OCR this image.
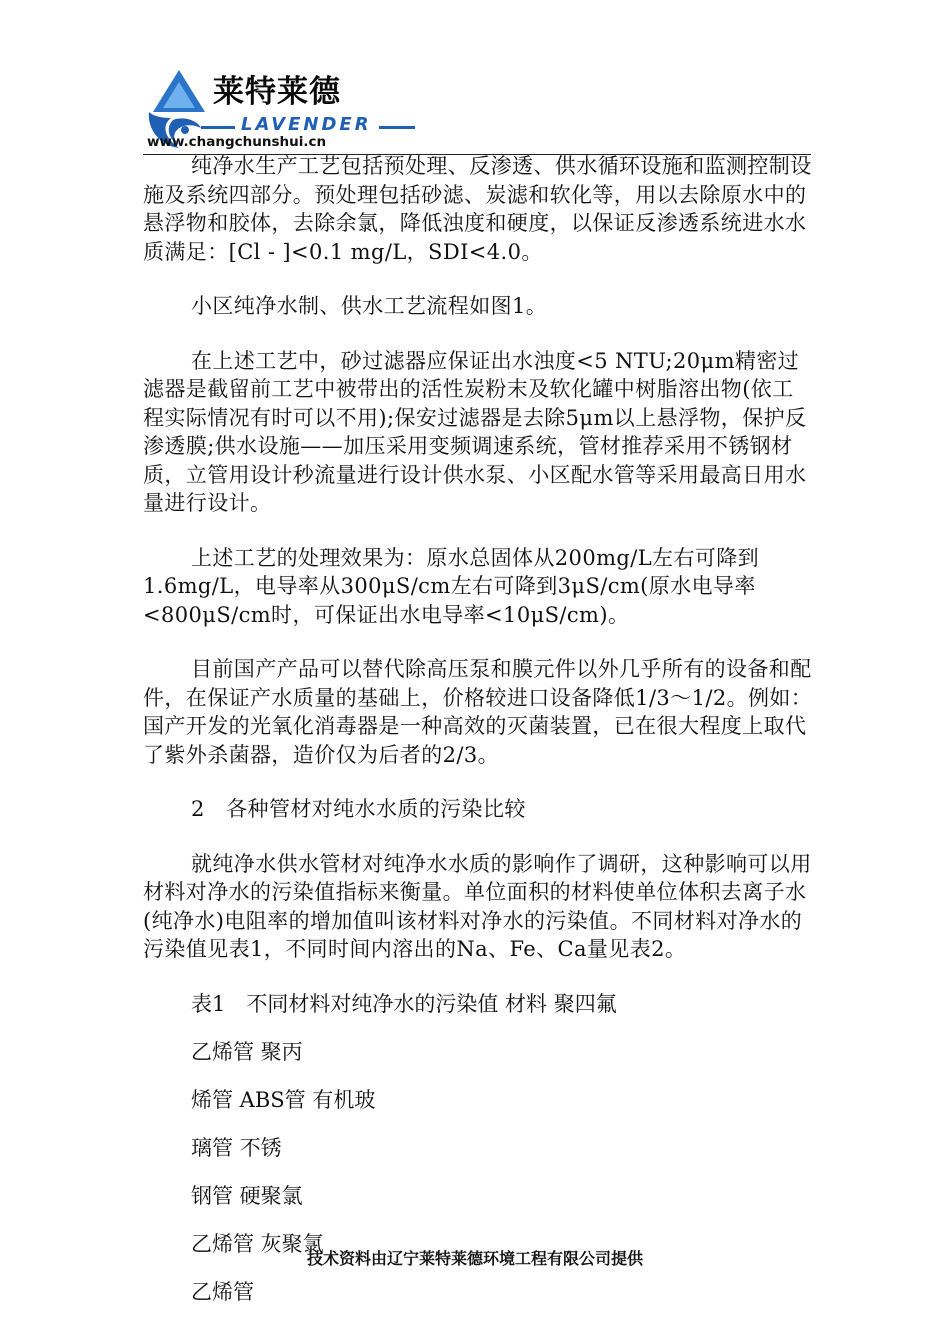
莱特莱德
LAVENDER
www.changchunshui.cn

纯净水生产工艺包括预处理、反渗透、供水循环设施和监测控制设施及系统四部分。预处理包括砂滤、炭滤和软化等，用以去除原水中的悬浮物和胶体，去除余氯，降低浊度和硬度，以保证反渗透系统进水水质满足：[Cl - ]<0.1 mg/L，SDI<4.0。

小区纯净水制、供水工艺流程如图1。

在上述工艺中，砂过滤器应保证出水浊度<5 NTU;20μm精密过滤器是截留前工艺中被带出的活性炭粉末及软化罐中树脂溶出物(依工程实际情况有时可以不用);保安过滤器是去除5μm以上悬浮物，保护反渗透膜;供水设施——加压采用变频调速系统，管材推荐采用不锈钢材质，立管用设计秒流量进行设计供水泵、小区配水管等采用最高日用水量进行设计。

上述工艺的处理效果为：原水总固体从200mg/L左右可降到1.6mg/L，电导率从300μS/cm左右可降到3μS/cm(原水电导率<800μS/cm时，可保证出水电导率<10μS/cm)。

目前国产产品可以替代除高压泵和膜元件以外几乎所有的设备和配件，在保证产水质量的基础上，价格较进口设备降低1/3～1/2。例如：国产开发的光氧化消毒器是一种高效的灭菌装置，已在很大程度上取代了紫外杀菌器，造价仅为后者的2/3。

2　各种管材对纯水水质的污染比较

就纯净水供水管材对纯净水水质的影响作了调研，这种影响可以用材料对净水的污染值指标来衡量。单位面积的材料使单位体积去离子水(纯净水)电阻率的增加值叫该材料对净水的污染值。不同材料对净水的污染值见表1，不同时间内溶出的Na、Fe、Ca量见表2。

表1　不同材料对纯净水的污染值 材料 聚四氟
乙烯管 聚丙
烯管 ABS管 有机玻
璃管 不锈
钢管 硬聚氯
乙烯管 灰聚氯
乙烯管
技术资料由辽宁莱特莱德环境工程有限公司提供
